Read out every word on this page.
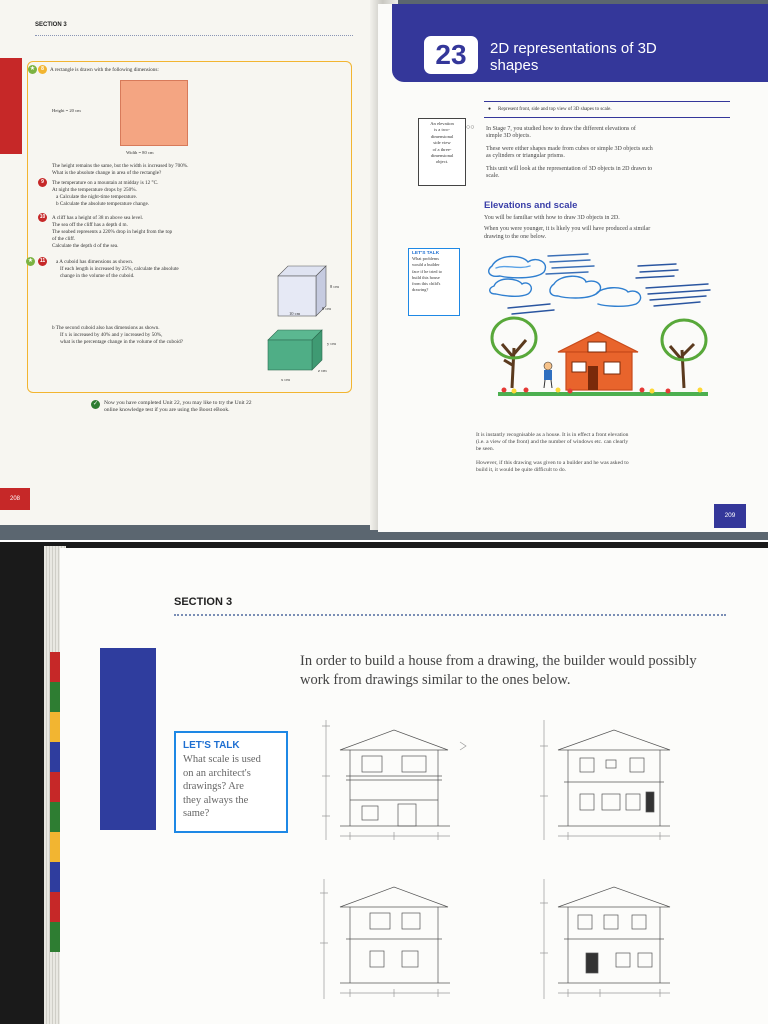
SECTION 3
★	8	A rectangle is drawn with the following dimensions:
Height = 20 cm
Width = 80 cm
The height remains the same, but the width is increased by 700%.
What is the absolute change in area of the rectangle?
9	The temperature on a mountain at midday is 12 °C.
At night the temperature drops by 250%.
a Calculate the night-time temperature.
b Calculate the absolute temperature change.
10	A cliff has a height of 38 m above sea level.
The sea off the cliff has a depth d m.
The seabed represents a 220% drop in height from the top
of the cliff.
Calculate the depth d of the sea.
★	11	a A cuboid has dimensions as shown.
If each length is increased by 25%, calculate the absolute
change in the volume of the cuboid.
8 cm
8 cm
10 cm
b The second cuboid also has dimensions as shown.
If x is increased by 40% and y increased by 50%,
what is the percentage change in the volume of the cuboid?	y cm
z cm
x cm
✓	Now you have completed Unit 22, you may like to try the Unit 22
online knowledge test if you are using the Boost eBook.
208
23	2D representations of 3D
shapes
● Represent front, side and top view of 3D shapes to scale.
An elevation
is a two-
dimensional
side view
of a three-
dimensional
object.
○○ In Stage 7, you studied how to draw the different elevations of
simple 3D objects.
These were either shapes made from cubes or simple 3D objects such
as cylinders or triangular prisms.
This unit will look at the representation of 3D objects in 2D drawn to
scale.
Elevations and scale
You will be familiar with how to draw 3D objects in 2D.
When you were younger, it is likely you will have produced a similar
drawing to the one below.
LET'S TALK
What problems
would a builder
face if he tried to
build this house
from this child's
drawing?
It is instantly recognisable as a house. It is in effect a front elevation
(i.e. a view of the front) and the number of windows etc. can clearly
be seen.
However, if this drawing was given to a builder and he was asked to
build it, it would be quite difficult to do.
209
SECTION 3
In order to build a house from a drawing, the builder would possibly
work from drawings similar to the ones below.
LET'S TALK
What scale is used
on an architect's
drawings? Are
they always the
same?
